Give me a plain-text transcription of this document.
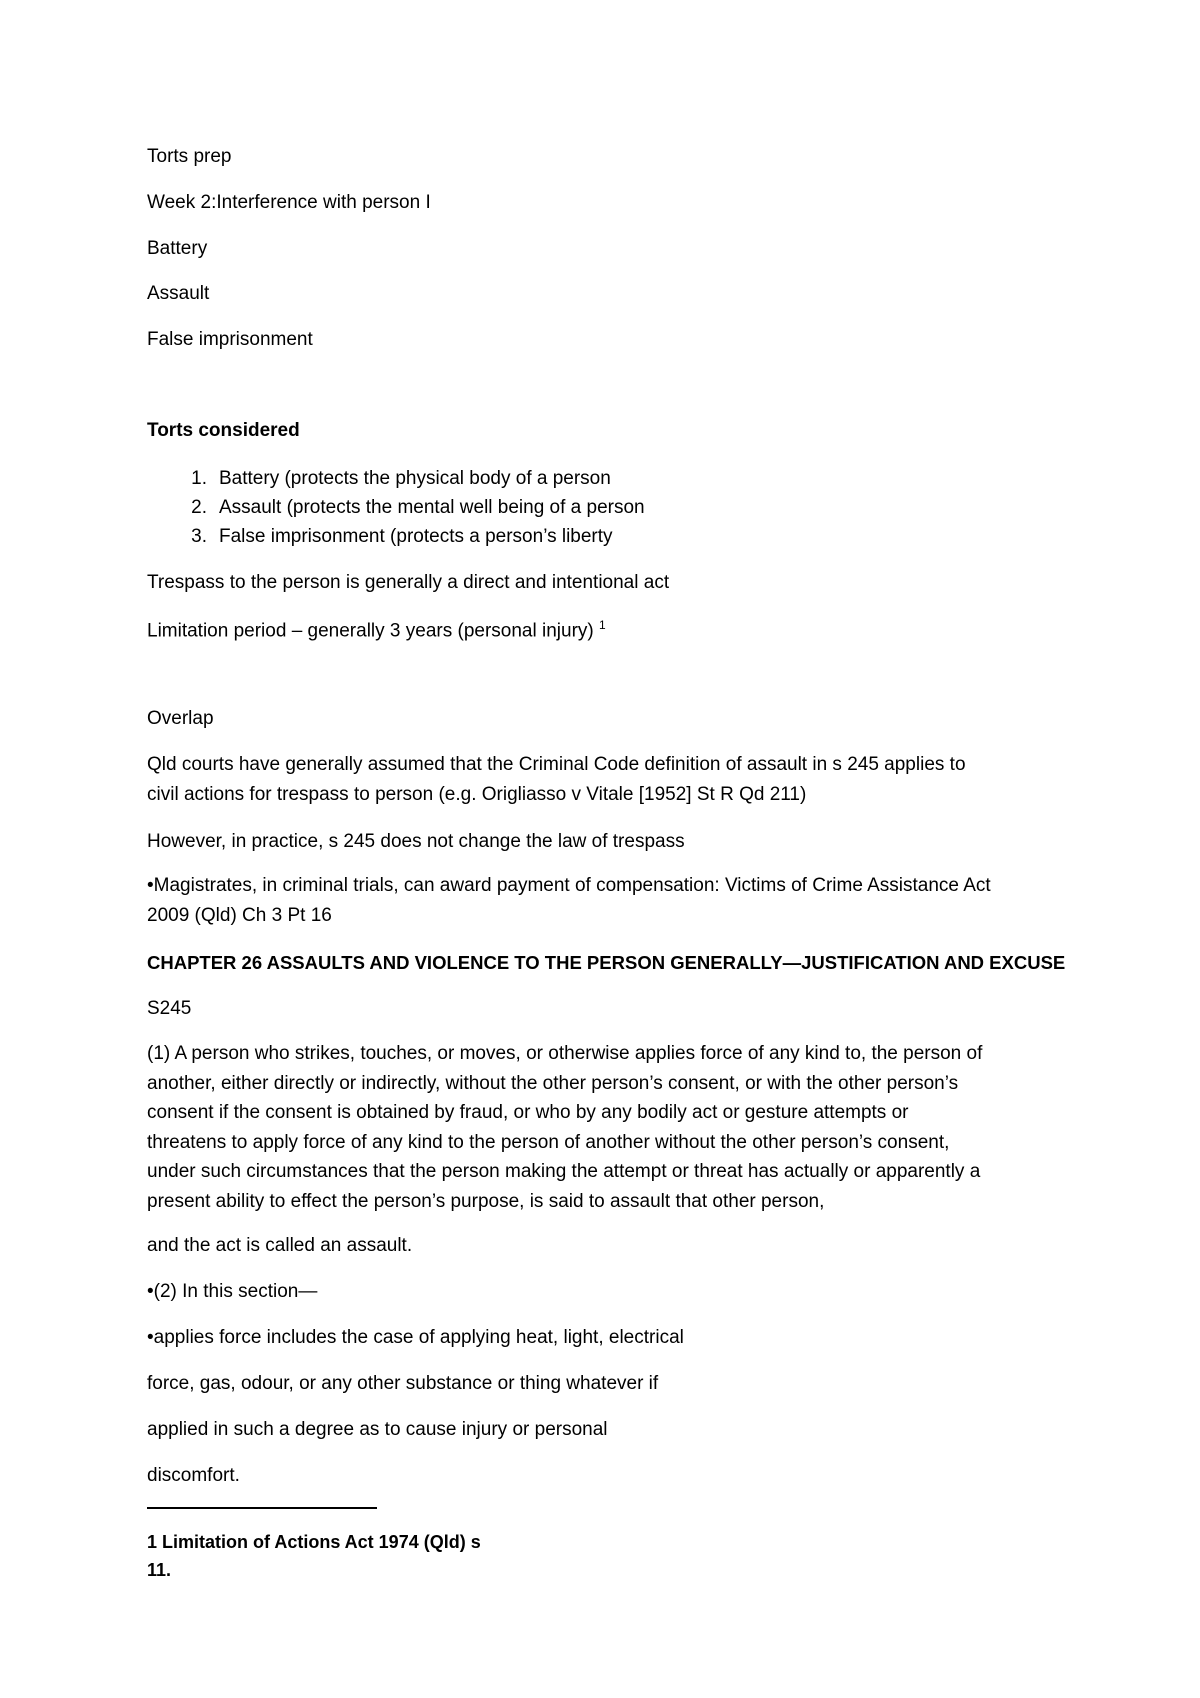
Torts prep

Week 2:Interference with person I

Battery

Assault

False imprisonment

Torts considered

1 . Battery (protects the physical body of a person
2 . Assault (protects the mental well being of a person
3 . False imprisonment (protects a person’s liberty

Trespass to the person is generally a direct and intentional act

Limitation period – generally 3 years (personal injury) $^1$

Overlap

Qld courts have generally assumed that the Criminal Code definition of assault in s 245 applies to
civil actions for trespass to person (e.g. Origliasso v Vitale [1952] St R Qd 211)

However, in practice, s 245 does not change the law of trespass

•Magistrates, in criminal trials, can award payment of compensation: Victims of Crime Assistance Act
2009 (Qld) Ch 3 Pt 16

CHAPTER 26 ASSAULTS AND VIOLENCE TO THE PERSON GENERALLY—JUSTIFICATION AND EXCUSE

S245

(1) A person who strikes, touches, or moves, or otherwise applies force of any kind to, the person of
another, either directly or indirectly, without the other person’s consent, or with the other person’s
consent if the consent is obtained by fraud, or who by any bodily act or gesture attempts or
threatens to apply force of any kind to the person of another without the other person’s consent,
under such circumstances that the person making the attempt or threat has actually or apparently a
present ability to effect the person’s purpose, is said to assault that other person,

and the act is called an assault.

•(2) In this section—

•applies force includes the case of applying heat, light, electrical

force, gas, odour, or any other substance or thing whatever if

applied in such a degree as to cause injury or personal

discomfort.

1 Limitation of Actions Act 1974 (Qld) s

11.
